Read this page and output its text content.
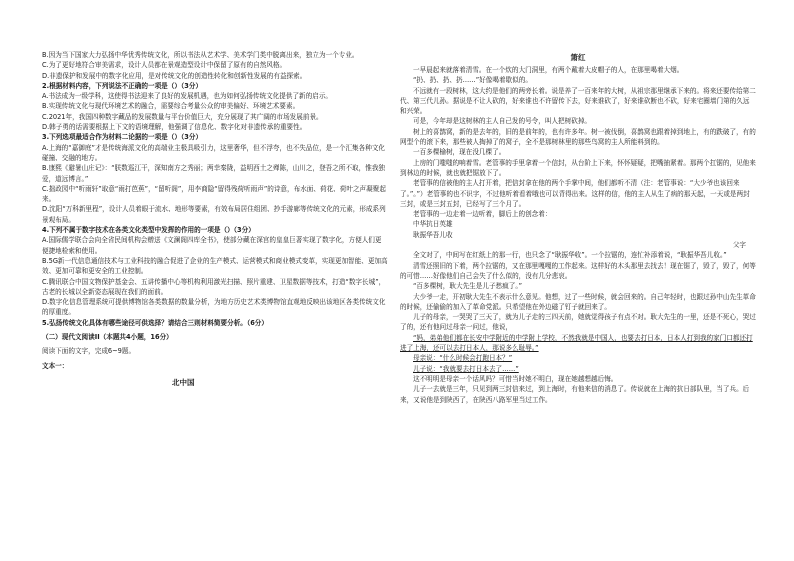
B.因为当下国家大力弘扬中华优秀传统文化，所以书法从艺术学、美术学门类中脱离出来，独立为一个专业。

C.为了更好地符合审美需求，设计人员都在景观造型设计中保留了原有的自然风格。

D.非遗保护和发展中的数字化应用，是对传统文化的创造性转化和创新性发展的有益探索。

2.根据材料内容，下列说法不正确的一项是（）（3分）

A.书法成为一级学科，这使得书法迎来了良好的发展机遇，也为如何弘扬传统文化提供了新的启示。

B.实现传统文化与现代环境艺术的融合，需要综合考量公众的审美偏好、环境艺术要素。

C.2021年，我国四种数字藏品的发展数量与平台价值巨大，充分展现了其广阔的市场发展前景。

D.韩子勇的话需要根据上下文的语境理解，他强调了信息化、数字化对非遗传承的重要性。

3.下列选项最适合作为材料二论据的一项是（）（3分）

A.上海的“嘉御庭”才是传统海派文化的高端业主极具吸引力，这里奢华，但不浮夸，也不失品位，是一个汇集各种文化碰撞、交融的地方。

B.康熙《避暑山庄记》：“朕数巡江干，深知南方之秀丽；两幸秦陇，益明西土之殚陈，山川之，登吾之所不取，惟我独爱，道远博言。”

C.拙政园中“听雨轩”取意“雨打芭蕉”，“留听阁”，用李商隐“留得残荷听雨声”的诗意，布水面、荷花、荷叶之声凝聚起来。

D.沈阳“万科新里程”，设计人员着眼于流水、地形等要素，有效布局居住组团、抄手游廊等传统文化的元素，形成系列景观布局。

4.下列不属于数字技术在各类文化类型中发挥的作用的一项是（）（3分）

A.国际儒学联合会向全省民间机构会赠送《文澜阁四库全书》，使部分藏在深宫的皇皇巨著实现了数字化，方便人们更便捷地检索和使用。

B.5G新一代信息通信技术与工业科技的融合促进了企业的生产模式、运营模式和商业模式变革，实现更加智能、更加高效、更加可靠和更安全的工业控制。

C.腾讯联合中国文物保护基金会、五讲传播中心等机构利用激光扫描、照片重建、卫星数据等技术，打造“数字长城”，古老的长城以全新姿态展现在我们的面前。

D.数字化信息管理系统可提供博物馆各类数据的数量分析，为地方历史艺术类博物馆直观地反映出该地区各类传统文化的厚重度。

5.弘扬传统文化具体有哪些途径可供选择？请结合三则材料简要分析。（6分）

（二）现代文阅读II（本题共4小题，16分）

阅读下面的文字，完成6~9题。

文本一：

北中国
箫红

一早晨起来就落着清雪。在一个炊的大门洞里，有两个戴着大皮帽子的人，在那里喝着大烟。

“扔、扔、扔、扔……”好像喝着歇似的。

不远就有一段树林，这大约是他们的两旁长着。说是养了一百来年的大树，从祖宗那里继承下来的。将来还要传给第二代、第三代儿孙。据说是不让人砍的，好来谁也不许留传下去，好来谁砍了，好来谁砍断也不砍，好来宅圈墙门第的久远和兴荣。

可是，今年却是这树林的主人自己发的号令，叫人把树砍掉。

树上的喜鹊窝，新的是去年的，旧的是前年的，也有许多年。树一被伐倒，喜鹊窝也跟着掉到地上，有的跌破了，有的网型个的滚下来，那些被人掏掉了的窝子，全不是那树林里的那些鸟窝的主人所能料到的。

一百多棵榆树，现在没几棵了。

上房的门嗤嗤的响着雪。老管事的手里拿着一个信封，从台阶上下来，怀怀疑疑，把嘴抽紧着。那两个扛锯的，见他来到林边的时候，就也就把锯放下了。

老管事的信被他的主人打开着，把信封拿在他的两个手掌中间，他们都听不清（注：老管事说：“大少爷也该回来了。”。”）老管事的也不识字，不过他听着看着哦也可以背得出来。这样的信，他的主人从生了病的那天起，一天或是两封三封，或是三封五封，已经写了三个月了。

老管事的一边走着一边听着，脚后上的创念着：

中华抗日英雄

耿振华吾儿收

父字

全文对了，中间写在红纸上的那一行，也只念了“耿振华收”。一个拉锯的，连忙补添着说，“耿振华吾儿收。”

清雪还照旧的下着，两个拉锯的，又在那里嘎嘎的工作起来。这样好的木头那里去找去！现在锯了，毁了，毁了，何等的可惜……好像他们自己会失了什么似的，没有几分悲哀。

“百多棵树，耿大先生是儿子愁疯了。”

大少爷一走，开初耿大先生不表示什么意见。他想，过了一些时候，就会回来的。自己年轻时，也跟过孙中山先生革命的时候，还偷偷的加入了革命党派。只希望他在外边磁了钉子就回来了。

儿子的母亲，一哭哭了三天了，就为儿子走的三四天前，她就觉得孩子有点不对。耿大先生的一里，还是不死心，哭过了的，还有他问过母亲一问过，他说，

“妈，弟弟他们都在长安中学附近的中学附上学校，不然我就是中国人，也要去打日本，日本人打到我的家门口都还打进了上海，还可以去打日本人，那说多么耻辱。”

母亲说：“什么时候会打跑日本？”

儿子说：“我就要去打日本去了……”

这不明明是母亲一个话风吗？可惜当时她不明白，现在她越想越后悔。

儿子一去就是三年，只见到两三封信来过，到上海时，有他来信的消息了。传说就在上海的抗日部队里，当了兵。后来，又说他是到陕西了，在陕西八路军里当过工作。
